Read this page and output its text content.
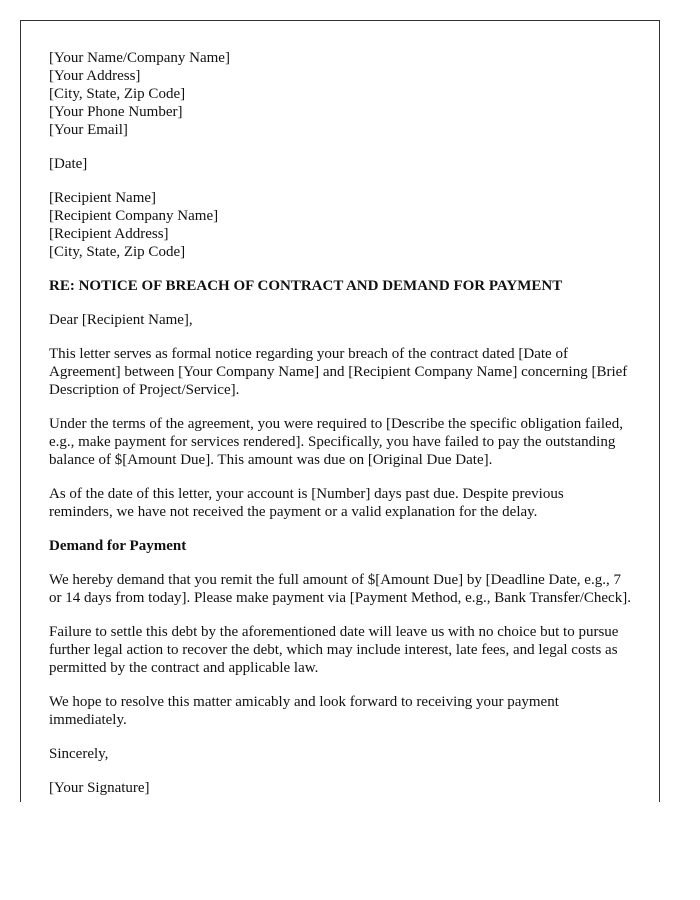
[Your Name/Company Name]
[Your Address]
[City, State, Zip Code]
[Your Phone Number]
[Your Email]

[Date]

[Recipient Name]
[Recipient Company Name]
[Recipient Address]
[City, State, Zip Code]

RE: NOTICE OF BREACH OF CONTRACT AND DEMAND FOR PAYMENT

Dear [Recipient Name],

This letter serves as formal notice regarding your breach of the contract dated [Date of Agreement] between [Your Company Name] and [Recipient Company Name] concerning [Brief Description of Project/Service].

Under the terms of the agreement, you were required to [Describe the specific obligation failed, e.g., make payment for services rendered]. Specifically, you have failed to pay the outstanding balance of $[Amount Due]. This amount was due on [Original Due Date].

As of the date of this letter, your account is [Number] days past due. Despite previous reminders, we have not received the payment or a valid explanation for the delay.

Demand for Payment

We hereby demand that you remit the full amount of $[Amount Due] by [Deadline Date, e.g., 7 or 14 days from today]. Please make payment via [Payment Method, e.g., Bank Transfer/Check].

Failure to settle this debt by the aforementioned date will leave us with no choice but to pursue further legal action to recover the debt, which may include interest, late fees, and legal costs as permitted by the contract and applicable law.

We hope to resolve this matter amicably and look forward to receiving your payment immediately.

Sincerely,

[Your Signature]
